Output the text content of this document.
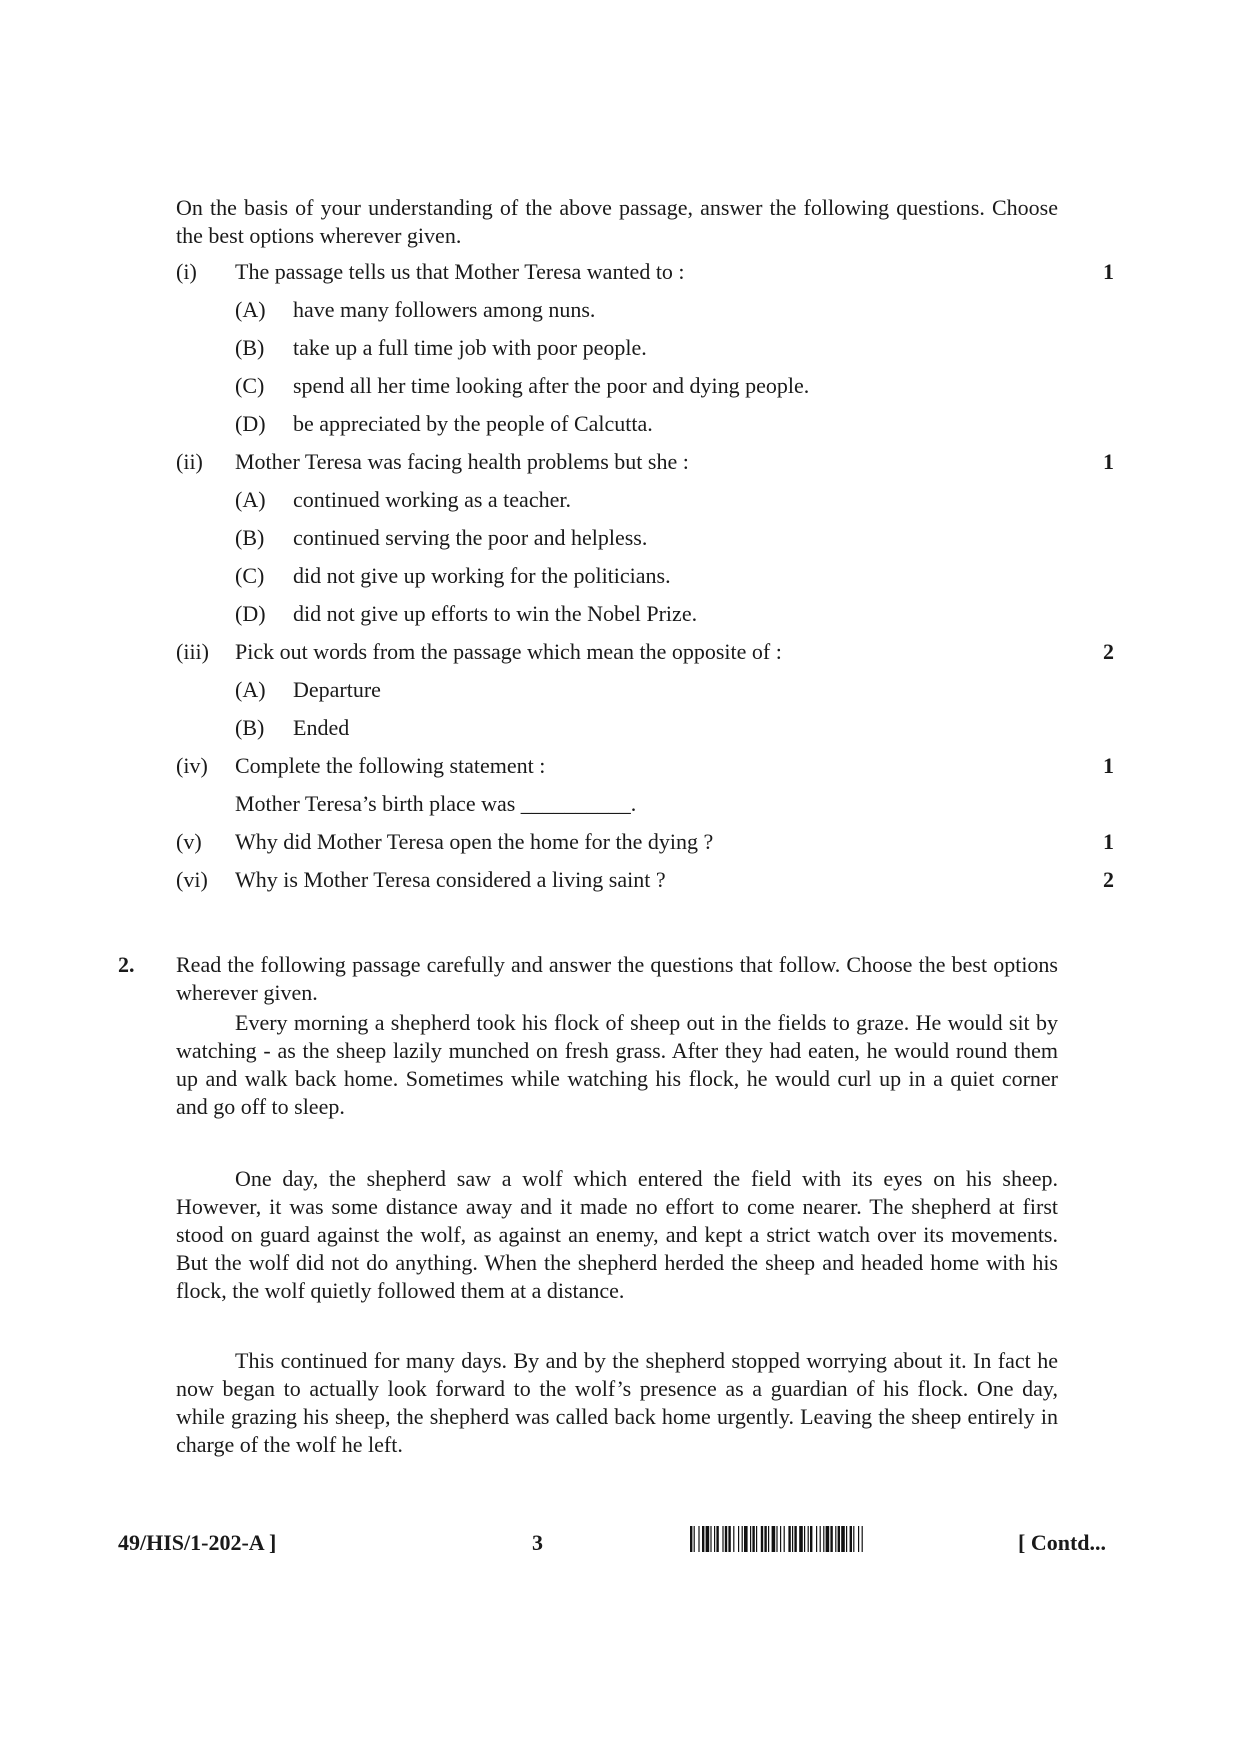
On the basis of your understanding of the above passage, answer the following questions. Choose the best options wherever given.

(i) The passage tells us that Mother Teresa wanted to :	1
(A) have many followers among nuns.
(B) take up a full time job with poor people.
(C) spend all her time looking after the poor and dying people.
(D) be appreciated by the people of Calcutta.
(ii) Mother Teresa was facing health problems but she :	1
(A) continued working as a teacher.
(B) continued serving the poor and helpless.
(C) did not give up working for the politicians.
(D) did not give up efforts to win the Nobel Prize.
(iii) Pick out words from the passage which mean the opposite of :	2
(A) Departure
(B) Ended
(iv) Complete the following statement :	1
Mother Teresa’s birth place was __________.
(v) Why did Mother Teresa open the home for the dying ?	1
(vi) Why is Mother Teresa considered a living saint ?	2
2. Read the following passage carefully and answer the questions that follow. Choose the best options wherever given.

Every morning a shepherd took his flock of sheep out in the fields to graze. He would sit by watching - as the sheep lazily munched on fresh grass. After they had eaten, he would round them up and walk back home. Sometimes while watching his flock, he would curl up in a quiet corner and go off to sleep.

One day, the shepherd saw a wolf which entered the field with its eyes on his sheep. However, it was some distance away and it made no effort to come nearer. The shepherd at first stood on guard against the wolf, as against an enemy, and kept a strict watch over its movements. But the wolf did not do anything. When the shepherd herded the sheep and headed home with his flock, the wolf quietly followed them at a distance.

This continued for many days. By and by the shepherd stopped worrying about it. In fact he now began to actually look forward to the wolf’s presence as a guardian of his flock. One day, while grazing his sheep, the shepherd was called back home urgently. Leaving the sheep entirely in charge of the wolf he left.

49/HIS/1-202-A ]	3	[ Contd...
